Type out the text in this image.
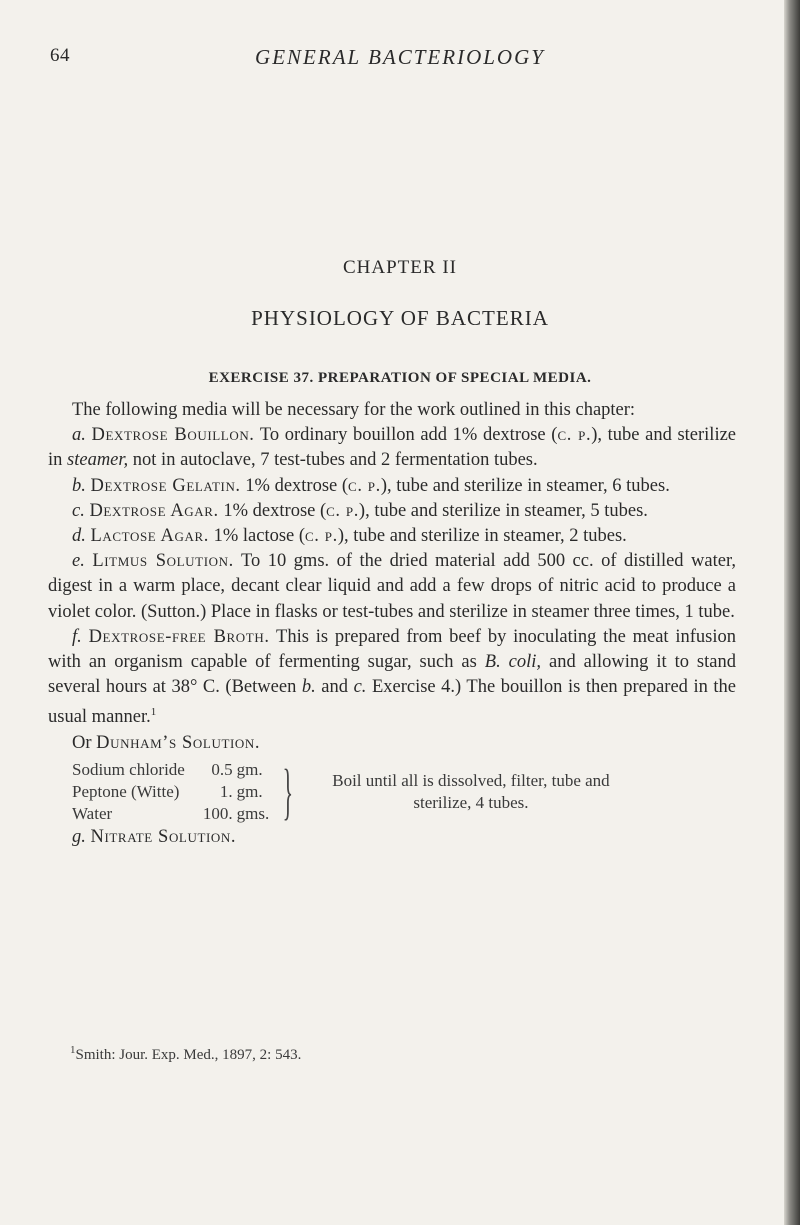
64	GENERAL BACTERIOLOGY
CHAPTER II
PHYSIOLOGY OF BACTERIA
EXERCISE 37. PREPARATION OF SPECIAL MEDIA.

The following media will be necessary for the work outlined in this chapter:

a. Dextrose Bouillon. To ordinary bouillon add 1% dextrose (c. p.), tube and sterilize in steamer, not in autoclave, 7 test-tubes and 2 fermentation tubes.

b. Dextrose Gelatin. 1% dextrose (c. p.), tube and sterilize in steamer, 6 tubes.

c. Dextrose Agar. 1% dextrose (c. p.), tube and sterilize in steamer, 5 tubes.

d. Lactose Agar. 1% lactose (c. p.), tube and sterilize in steamer, 2 tubes.

e. Litmus Solution. To 10 gms. of the dried material add 500 cc. of distilled water, digest in a warm place, decant clear liquid and add a few drops of nitric acid to produce a violet color. (Sutton.) Place in flasks or test-tubes and sterilize in steamer three times, 1 tube.

f. Dextrose-free Broth. This is prepared from beef by inoculating the meat infusion with an organism capable of fermenting sugar, such as B. coli, and allowing it to stand several hours at 38° C. (Between b. and c. Exercise 4.) The bouillon is then prepared in the usual manner.$^1$

Or Dunham’s Solution.

Sodium chloride	0.5	gm.
Peptone (Witte)	1.	gm.
Water	100.	gms. }	Boil until all is dissolved, filter, tube and sterilize, 4 tubes.

g. Nitrate Solution.

$^1$Smith: Jour. Exp. Med., 1897, 2: 543.
